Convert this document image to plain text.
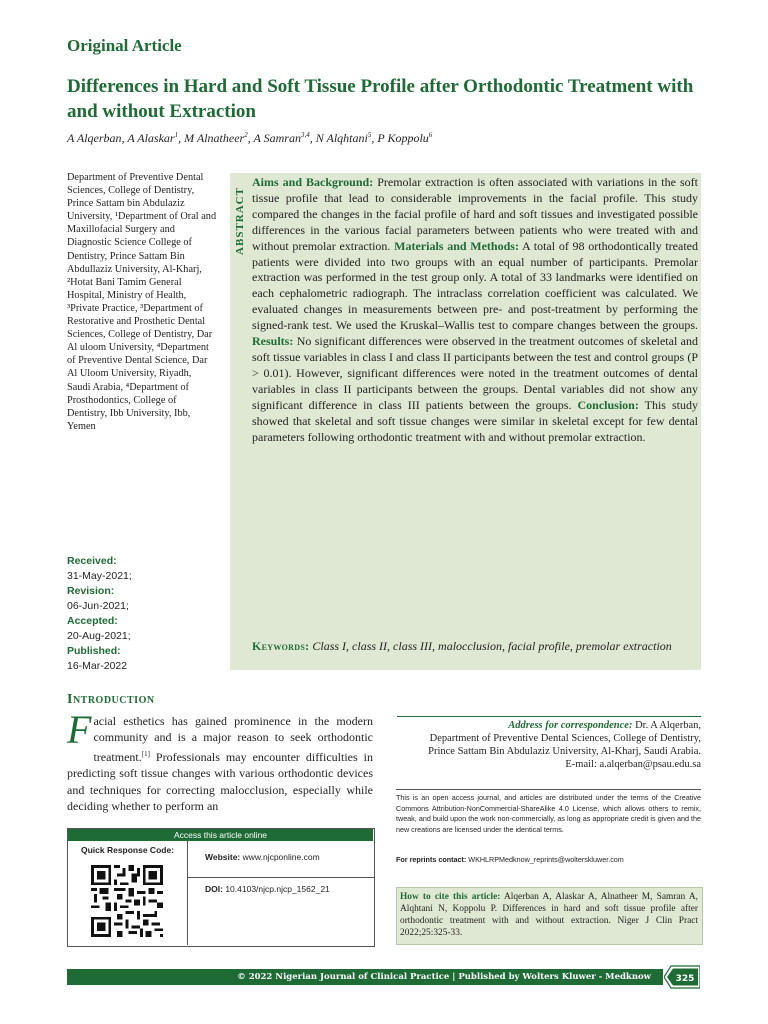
Original Article
Differences in Hard and Soft Tissue Profile after Orthodontic Treatment with and without Extraction
A Alqerban, A Alaskar$^1$, M Alnatheer$^2$, A Samran$^{3,4}$, N Alqhtani$^5$, P Koppolu$^6$
Department of Preventive Dental Sciences, College of Dentistry, Prince Sattam bin Abdulaziz University, ¹Department of Oral and Maxillofacial Surgery and Diagnostic Science College of Dentistry, Prince Sattam Bin Abdullaziz University, Al-Kharj, ²Hotat Bani Tamim General Hospital, Ministry of Health, ³Private Practice, ³Department of Restorative and Prosthetic Dental Sciences, College of Dentistry, Dar Al uloom University, ⁴Department of Preventive Dental Science, Dar Al Uloom University, Riyadh, Saudi Arabia, ⁴Department of Prosthodontics, College of Dentistry, Ibb University, Ibb, Yemen
Received:
31-May-2021;
Revision:
06-Jun-2021;
Accepted:
20-Aug-2021;
Published:
16-Mar-2022
ABSTRACT
Aims and Background: Premolar extraction is often associated with variations in the soft tissue profile that lead to considerable improvements in the facial profile. This study compared the changes in the facial profile of hard and soft tissues and investigated possible differences in the various facial parameters between patients who were treated with and without premolar extraction. Materials and Methods: A total of 98 orthodontically treated patients were divided into two groups with an equal number of participants. Premolar extraction was performed in the test group only. A total of 33 landmarks were identified on each cephalometric radiograph. The intraclass correlation coefficient was calculated. We evaluated changes in measurements between pre- and post-treatment by performing the signed-rank test. We used the Kruskal–Wallis test to compare changes between the groups. Results: No significant differences were observed in the treatment outcomes of skeletal and soft tissue variables in class I and class II participants between the test and control groups (P > 0.01). However, significant differences were noted in the treatment outcomes of dental variables in class II participants between the groups. Dental variables did not show any significant difference in class III patients between the groups. Conclusion: This study showed that skeletal and soft tissue changes were similar in skeletal except for few dental parameters following orthodontic treatment with and without premolar extraction.
Keywords: Class I, class II, class III, malocclusion, facial profile, premolar extraction
Introduction
Facial esthetics has gained prominence in the modern community and is a major reason to seek orthodontic treatment.[1] Professionals may encounter difficulties in predicting soft tissue changes with various orthodontic devices and techniques for correcting malocclusion, especially while deciding whether to perform an
Access this article online
Quick Response Code:
Website: www.njcponline.com
DOI: 10.4103/njcp.njcp_1562_21
Address for correspondence: Dr. A Alqerban,
Department of Preventive Dental Sciences, College of Dentistry,
Prince Sattam Bin Abdulaziz University, Al-Kharj, Saudi Arabia.
E-mail: a.alqerban@psau.edu.sa
This is an open access journal, and articles are distributed under the terms of the Creative Commons Attribution-NonCommercial-ShareAlike 4.0 License, which allows others to remix, tweak, and build upon the work non-commercially, as long as appropriate credit is given and the new creations are licensed under the identical terms.
For reprints contact: WKHLRPMedknow_reprints@wolterskluwer.com
How to cite this article: Alqerban A, Alaskar A, Alnatheer M, Samran A, Alqhtani N, Koppolu P. Differences in hard and soft tissue profile after orthodontic treatment with and without extraction. Niger J Clin Pract 2022;25:325-33.
© 2022 Nigerian Journal of Clinical Practice | Published by Wolters Kluwer - Medknow	325
